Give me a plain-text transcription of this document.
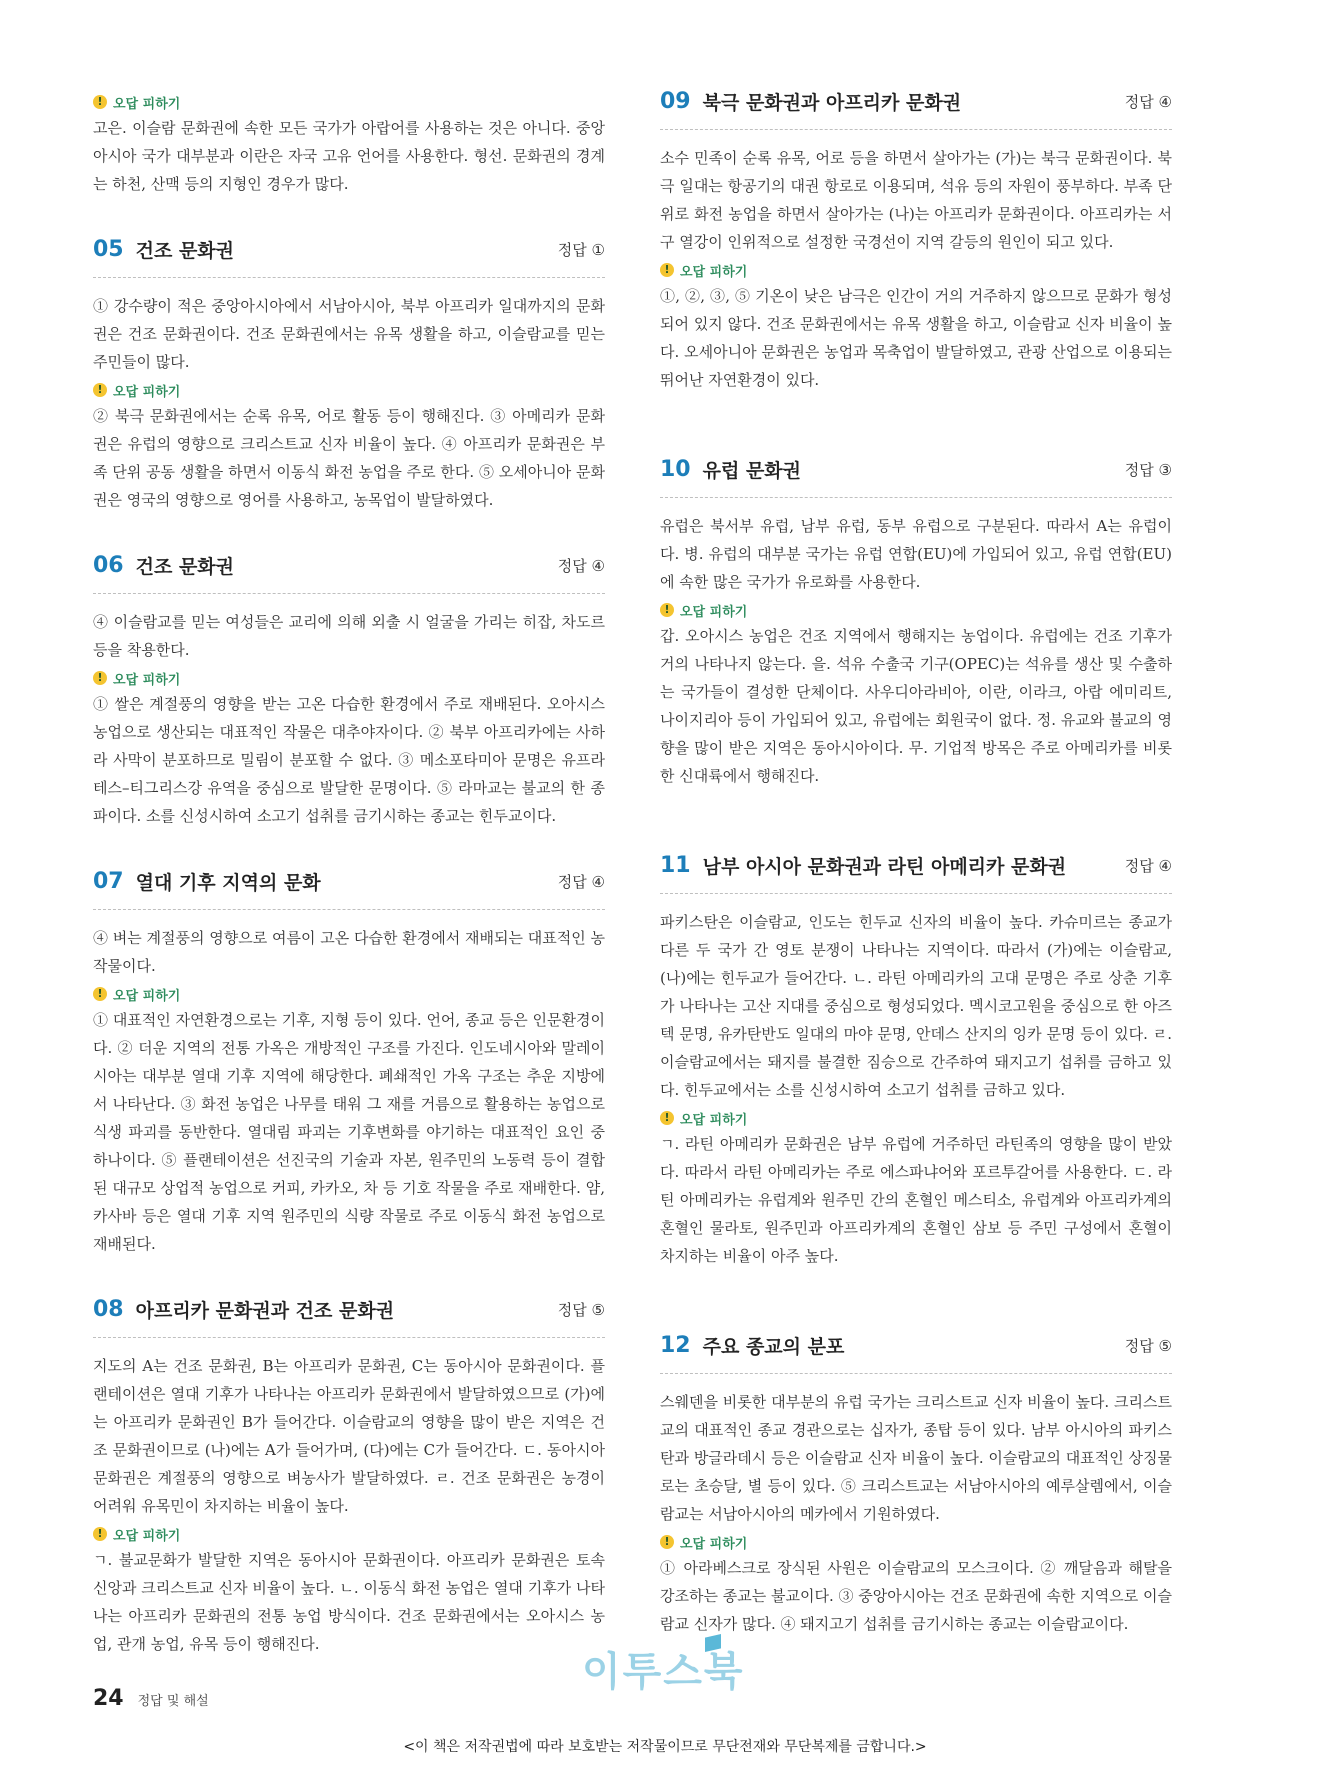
! 오답 피하기

고은. 이슬람 문화권에 속한 모든 국가가 아랍어를 사용하는 것은 아니다. 중앙아시아 국가 대부분과 이란은 자국 고유 언어를 사용한다. 형선. 문화권의 경계는 하천, 산맥 등의 지형인 경우가 많다.

05 건조 문화권	정답 ①

① 강수량이 적은 중앙아시아에서 서남아시아, 북부 아프리카 일대까지의 문화권은 건조 문화권이다. 건조 문화권에서는 유목 생활을 하고, 이슬람교를 믿는 주민들이 많다.

! 오답 피하기

② 북극 문화권에서는 순록 유목, 어로 활동 등이 행해진다. ③ 아메리카 문화권은 유럽의 영향으로 크리스트교 신자 비율이 높다. ④ 아프리카 문화권은 부족 단위 공동 생활을 하면서 이동식 화전 농업을 주로 한다. ⑤ 오세아니아 문화권은 영국의 영향으로 영어를 사용하고, 농목업이 발달하였다.

06 건조 문화권	정답 ④

④ 이슬람교를 믿는 여성들은 교리에 의해 외출 시 얼굴을 가리는 히잡, 차도르 등을 착용한다.

! 오답 피하기

① 쌀은 계절풍의 영향을 받는 고온 다습한 환경에서 주로 재배된다. 오아시스 농업으로 생산되는 대표적인 작물은 대추야자이다. ② 북부 아프리카에는 사하라 사막이 분포하므로 밀림이 분포할 수 없다. ③ 메소포타미아 문명은 유프라테스–티그리스강 유역을 중심으로 발달한 문명이다. ⑤ 라마교는 불교의 한 종파이다. 소를 신성시하여 소고기 섭취를 금기시하는 종교는 힌두교이다.

07 열대 기후 지역의 문화	정답 ④

④ 벼는 계절풍의 영향으로 여름이 고온 다습한 환경에서 재배되는 대표적인 농작물이다.

! 오답 피하기

① 대표적인 자연환경으로는 기후, 지형 등이 있다. 언어, 종교 등은 인문환경이다. ② 더운 지역의 전통 가옥은 개방적인 구조를 가진다. 인도네시아와 말레이시아는 대부분 열대 기후 지역에 해당한다. 폐쇄적인 가옥 구조는 추운 지방에서 나타난다. ③ 화전 농업은 나무를 태워 그 재를 거름으로 활용하는 농업으로 식생 파괴를 동반한다. 열대림 파괴는 기후변화를 야기하는 대표적인 요인 중 하나이다. ⑤ 플랜테이션은 선진국의 기술과 자본, 원주민의 노동력 등이 결합된 대규모 상업적 농업으로 커피, 카카오, 차 등 기호 작물을 주로 재배한다. 얌, 카사바 등은 열대 기후 지역 원주민의 식량 작물로 주로 이동식 화전 농업으로 재배된다.

08 아프리카 문화권과 건조 문화권	정답 ⑤

지도의 A는 건조 문화권, B는 아프리카 문화권, C는 동아시아 문화권이다. 플랜테이션은 열대 기후가 나타나는 아프리카 문화권에서 발달하였으므로 (가)에는 아프리카 문화권인 B가 들어간다. 이슬람교의 영향을 많이 받은 지역은 건조 문화권이므로 (나)에는 A가 들어가며, (다)에는 C가 들어간다. ㄷ. 동아시아 문화권은 계절풍의 영향으로 벼농사가 발달하였다. ㄹ. 건조 문화권은 농경이 어려워 유목민이 차지하는 비율이 높다.

! 오답 피하기

ㄱ. 불교문화가 발달한 지역은 동아시아 문화권이다. 아프리카 문화권은 토속 신앙과 크리스트교 신자 비율이 높다. ㄴ. 이동식 화전 농업은 열대 기후가 나타나는 아프리카 문화권의 전통 농업 방식이다. 건조 문화권에서는 오아시스 농업, 관개 농업, 유목 등이 행해진다.

09 북극 문화권과 아프리카 문화권	정답 ④

소수 민족이 순록 유목, 어로 등을 하면서 살아가는 (가)는 북극 문화권이다. 북극 일대는 항공기의 대권 항로로 이용되며, 석유 등의 자원이 풍부하다. 부족 단위로 화전 농업을 하면서 살아가는 (나)는 아프리카 문화권이다. 아프리카는 서구 열강이 인위적으로 설정한 국경선이 지역 갈등의 원인이 되고 있다.

! 오답 피하기

①, ②, ③, ⑤ 기온이 낮은 남극은 인간이 거의 거주하지 않으므로 문화가 형성되어 있지 않다. 건조 문화권에서는 유목 생활을 하고, 이슬람교 신자 비율이 높다. 오세아니아 문화권은 농업과 목축업이 발달하였고, 관광 산업으로 이용되는 뛰어난 자연환경이 있다.

10 유럽 문화권	정답 ③

유럽은 북서부 유럽, 남부 유럽, 동부 유럽으로 구분된다. 따라서 A는 유럽이다. 병. 유럽의 대부분 국가는 유럽 연합(EU)에 가입되어 있고, 유럽 연합(EU)에 속한 많은 국가가 유로화를 사용한다.

! 오답 피하기

갑. 오아시스 농업은 건조 지역에서 행해지는 농업이다. 유럽에는 건조 기후가 거의 나타나지 않는다. 을. 석유 수출국 기구(OPEC)는 석유를 생산 및 수출하는 국가들이 결성한 단체이다. 사우디아라비아, 이란, 이라크, 아랍 에미리트, 나이지리아 등이 가입되어 있고, 유럽에는 회원국이 없다. 정. 유교와 불교의 영향을 많이 받은 지역은 동아시아이다. 무. 기업적 방목은 주로 아메리카를 비롯한 신대륙에서 행해진다.

11 남부 아시아 문화권과 라틴 아메리카 문화권	정답 ④

파키스탄은 이슬람교, 인도는 힌두교 신자의 비율이 높다. 카슈미르는 종교가 다른 두 국가 간 영토 분쟁이 나타나는 지역이다. 따라서 (가)에는 이슬람교, (나)에는 힌두교가 들어간다. ㄴ. 라틴 아메리카의 고대 문명은 주로 상춘 기후가 나타나는 고산 지대를 중심으로 형성되었다. 멕시코고원을 중심으로 한 아즈텍 문명, 유카탄반도 일대의 마야 문명, 안데스 산지의 잉카 문명 등이 있다. ㄹ. 이슬람교에서는 돼지를 불결한 짐승으로 간주하여 돼지고기 섭취를 금하고 있다. 힌두교에서는 소를 신성시하여 소고기 섭취를 금하고 있다.

! 오답 피하기

ㄱ. 라틴 아메리카 문화권은 남부 유럽에 거주하던 라틴족의 영향을 많이 받았다. 따라서 라틴 아메리카는 주로 에스파냐어와 포르투갈어를 사용한다. ㄷ. 라틴 아메리카는 유럽계와 원주민 간의 혼혈인 메스티소, 유럽계와 아프리카계의 혼혈인 물라토, 원주민과 아프리카계의 혼혈인 삼보 등 주민 구성에서 혼혈이 차지하는 비율이 아주 높다.

12 주요 종교의 분포	정답 ⑤

스웨덴을 비롯한 대부분의 유럽 국가는 크리스트교 신자 비율이 높다. 크리스트교의 대표적인 종교 경관으로는 십자가, 종탑 등이 있다. 남부 아시아의 파키스탄과 방글라데시 등은 이슬람교 신자 비율이 높다. 이슬람교의 대표적인 상징물로는 초승달, 별 등이 있다. ⑤ 크리스트교는 서남아시아의 예루살렘에서, 이슬람교는 서남아시아의 메카에서 기원하였다.

! 오답 피하기

① 아라베스크로 장식된 사원은 이슬람교의 모스크이다. ② 깨달음과 해탈을 강조하는 종교는 불교이다. ③ 중앙아시아는 건조 문화권에 속한 지역으로 이슬람교 신자가 많다. ④ 돼지고기 섭취를 금기시하는 종교는 이슬람교이다.

24 정답 및 해설
이투스북
<이 책은 저작권법에 따라 보호받는 저작물이므로 무단전재와 무단복제를 금합니다.>
